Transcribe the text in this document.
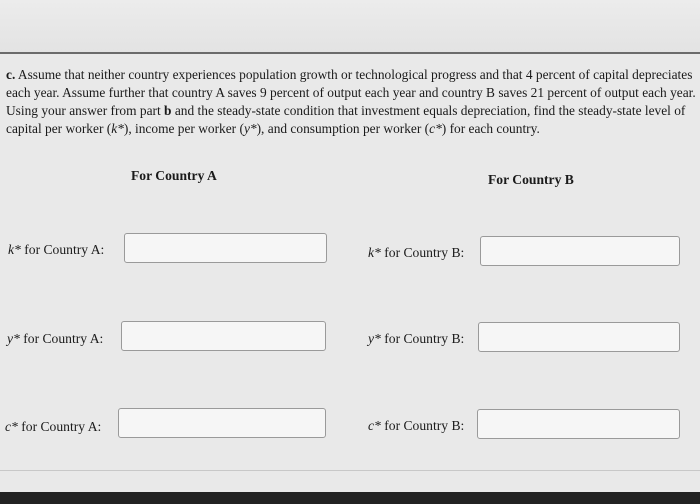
c. Assume that neither country experiences population growth or technological progress and that 4 percent of capital depreciates each year. Assume further that country A saves 9 percent of output each year and country B saves 21 percent of output each year. Using your answer from part b and the steady-state condition that investment equals depreciation, find the steady-state level of capital per worker (k*), income per worker (y*), and consumption per worker (c*) for each country.
For Country A	For Country B
k* for Country A:
y* for Country A:
c* for Country A:
k* for Country B:
y* for Country B:
c* for Country B:
